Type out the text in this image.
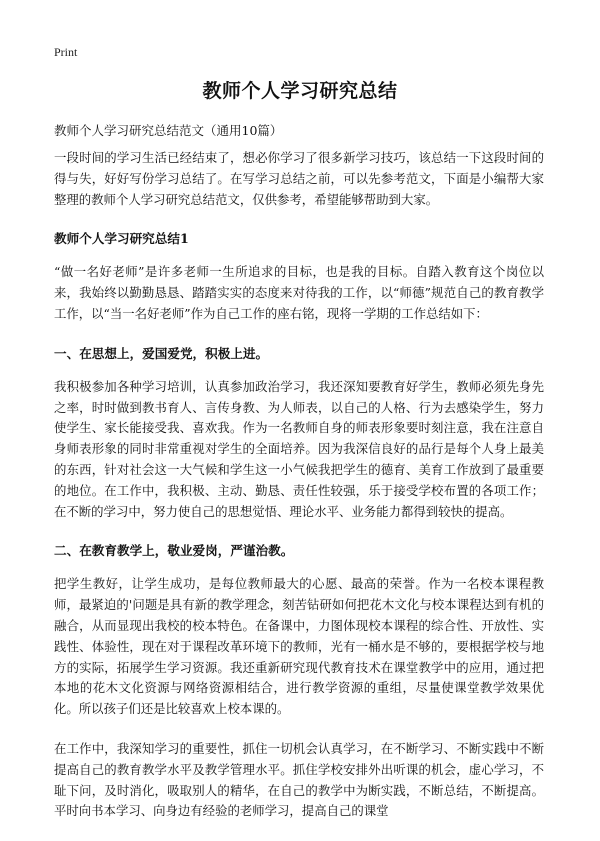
Print
教师个人学习研究总结
教师个人学习研究总结范文（通用10篇）

一段时间的学习生活已经结束了，想必你学习了很多新学习技巧，该总结一下这段时间的得与失，好好写份学习总结了。在写学习总结之前，可以先参考范文，下面是小编帮大家整理的教师个人学习研究总结范文，仅供参考，希望能够帮助到大家。

教师个人学习研究总结1

“做一名好老师”是许多老师一生所追求的目标，也是我的目标。自踏入教育这个岗位以来，我始终以勤勤恳恳、踏踏实实的态度来对待我的工作，以“师德”规范自己的教育教学工作，以“当一名好老师”作为自己工作的座右铭，现将一学期的工作总结如下：

一、在思想上，爱国爱党，积极上进。

我积极参加各种学习培训，认真参加政治学习，我还深知要教育好学生，教师必须先身先之率，时时做到教书育人、言传身教、为人师表，以自己的人格、行为去感染学生，努力使学生、家长能接受我、喜欢我。作为一名教师自身的师表形象要时刻注意，我在注意自身师表形象的同时非常重视对学生的全面培养。因为我深信良好的品行是每个人身上最美的东西，针对社会这一大气候和学生这一小气候我把学生的德育、美育工作放到了最重要的地位。在工作中，我积极、主动、勤恳、责任性较强，乐于接受学校布置的各项工作；在不断的学习中，努力使自己的思想觉悟、理论水平、业务能力都得到较快的提高。

二、在教育教学上，敬业爱岗，严谨治教。

把学生教好，让学生成功，是每位教师最大的心愿、最高的荣誉。作为一名校本课程教师，最紧迫的'问题是具有新的教学理念，刻苦钻研如何把花木文化与校本课程达到有机的融合，从而显现出我校的校本特色。在备课中，力图体现校本课程的综合性、开放性、实践性、体验性，现在对于课程改革环境下的教师，光有一桶水是不够的，要根据学校与地方的实际，拓展学生学习资源。我还重新研究现代教育技术在课堂教学中的应用，通过把本地的花木文化资源与网络资源相结合，进行教学资源的重组，尽量使课堂教学效果优化。所以孩子们还是比较喜欢上校本课的。

在工作中，我深知学习的重要性，抓住一切机会认真学习，在不断学习、不断实践中不断提高自己的教育教学水平及教学管理水平。抓住学校安排外出听课的机会，虚心学习，不耻下问，及时消化，吸取别人的精华，在自己的教学中为断实践，不断总结，不断提高。平时向书本学习、向身边有经验的老师学习，提高自己的课堂
